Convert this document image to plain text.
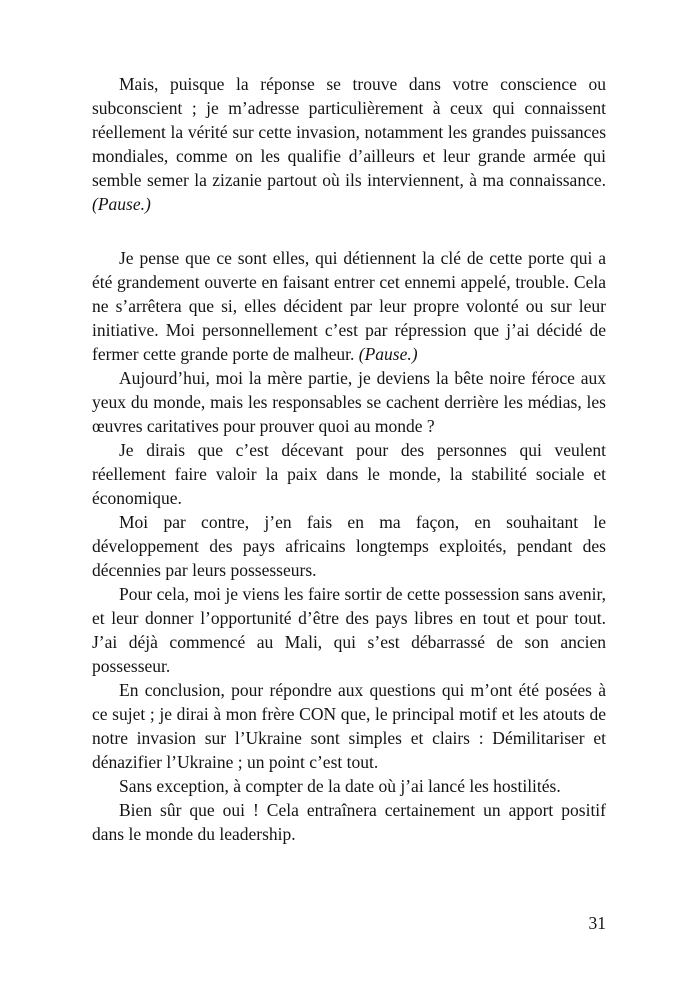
Mais, puisque la réponse se trouve dans votre conscience ou subconscient ; je m’adresse particulièrement à ceux qui connaissent réellement la vérité sur cette invasion, notamment les grandes puissances mondiales, comme on les qualifie d’ailleurs et leur grande armée qui semble semer la zizanie partout où ils interviennent, à ma connaissance. (Pause.)

Je pense que ce sont elles, qui détiennent la clé de cette porte qui a été grandement ouverte en faisant entrer cet ennemi appelé, trouble. Cela ne s’arrêtera que si, elles décident par leur propre volonté ou sur leur initiative. Moi personnellement c’est par répression que j’ai décidé de fermer cette grande porte de malheur. (Pause.)

Aujourd’hui, moi la mère partie, je deviens la bête noire féroce aux yeux du monde, mais les responsables se cachent derrière les médias, les œuvres caritatives pour prouver quoi au monde ?

Je dirais que c’est décevant pour des personnes qui veulent réellement faire valoir la paix dans le monde, la stabilité sociale et économique.

Moi par contre, j’en fais en ma façon, en souhaitant le développement des pays africains longtemps exploités, pendant des décennies par leurs possesseurs.

Pour cela, moi je viens les faire sortir de cette possession sans avenir, et leur donner l’opportunité d’être des pays libres en tout et pour tout. J’ai déjà commencé au Mali, qui s’est débarrassé de son ancien possesseur.

En conclusion, pour répondre aux questions qui m’ont été posées à ce sujet ; je dirai à mon frère CON que, le principal motif et les atouts de notre invasion sur l’Ukraine sont simples et clairs : Démilitariser et dénazifier l’Ukraine ; un point c’est tout.

Sans exception, à compter de la date où j’ai lancé les hostilités.

Bien sûr que oui ! Cela entraînera certainement un apport positif dans le monde du leadership.

31
